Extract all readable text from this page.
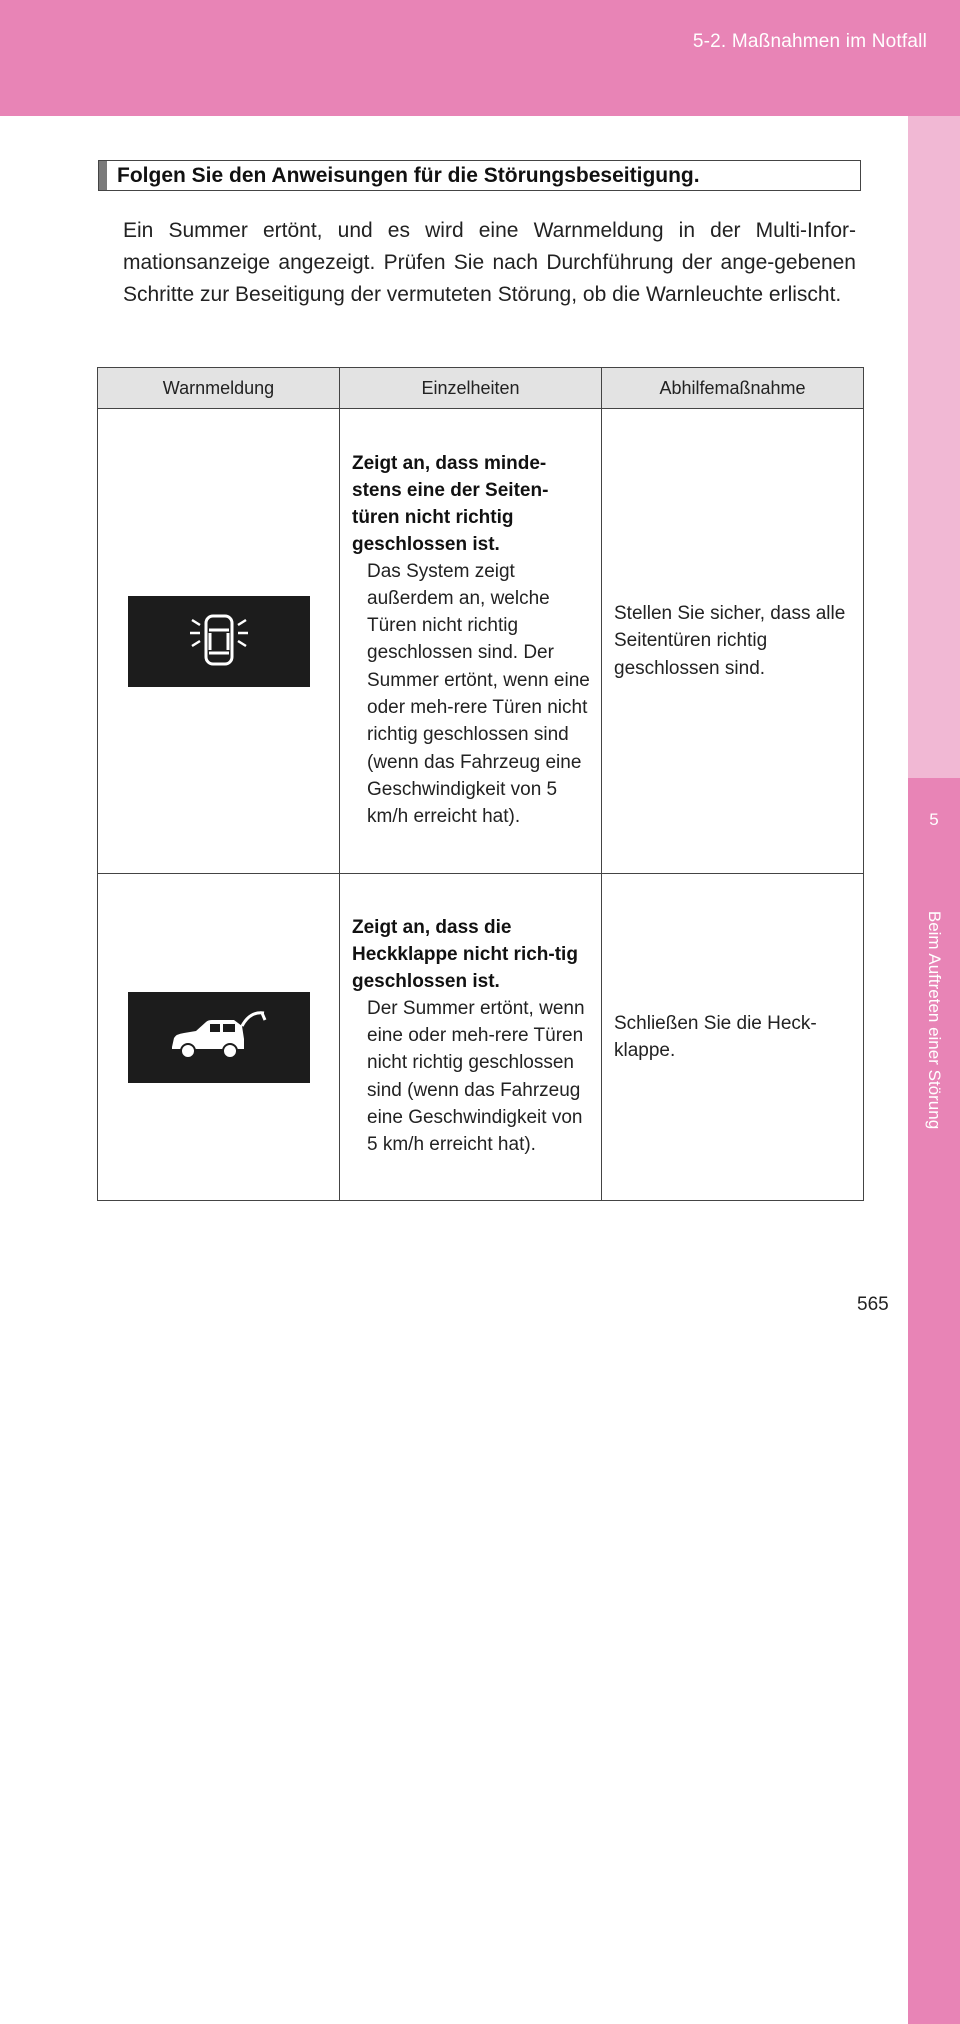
5-2. Maßnahmen im Notfall
5
Beim Auftreten einer Störung
Folgen Sie den Anweisungen für die Störungsbeseitigung.
Ein Summer ertönt, und es wird eine Warnmeldung in der Multi-Infor-mationsanzeige angezeigt. Prüfen Sie nach Durchführung der ange-gebenen Schritte zur Beseitigung der vermuteten Störung, ob die Warnleuchte erlischt.
Warnmeldung	Einzelheiten	Abhilfemaßnahme

Zeigt an, dass minde-stens eine der Seiten-türen nicht richtig geschlossen ist.
Das System zeigt außerdem an, welche Türen nicht richtig geschlossen sind. Der Summer ertönt, wenn eine oder meh-rere Türen nicht richtig geschlossen sind (wenn das Fahrzeug eine Geschwindigkeit von 5 km/h erreicht hat).	Stellen Sie sicher, dass alle Seitentüren richtig geschlossen sind.

Zeigt an, dass die Heckklappe nicht rich-tig geschlossen ist.
Der Summer ertönt, wenn eine oder meh-rere Türen nicht richtig geschlossen sind (wenn das Fahrzeug eine Geschwindigkeit von 5 km/h erreicht hat).	Schließen Sie die Heck-klappe.
565
